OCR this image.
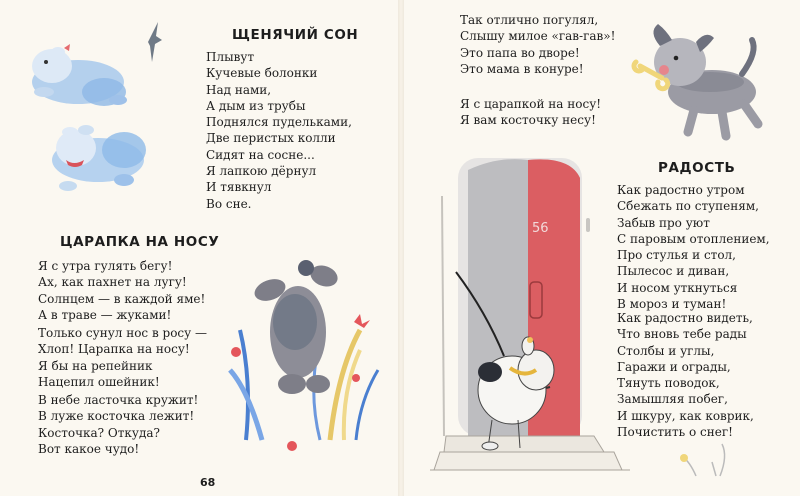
56
ЩЕНЯЧИЙ СОН
Плывут
Кучевые болонки
Над нами,
А дым из трубы
Поднялся пудельками,
Две перистых колли
Сидят на сосне...
Я лапкою дёрнул
И тявкнул
Во сне.
ЦАРАПКА НА НОСУ
Я с утра гулять бегу!
Ах, как пахнет на лугу!
Солнцем — в каждой яме!
А в траве — жуками!
Только сунул нос в росу —
Хлоп! Царапка на носу!
Я бы на репейник
Нацепил ошейник!
В небе ласточка кружит!
В луже косточка лежит!
Косточка? Откуда?
Вот какое чудо!
68
Так отлично погулял,
Слышу милое «гав-гав»!
Это папа во дворе!
Это мама в конуре!
Я с царапкой на носу!
Я вам косточку несу!
РАДОСТЬ
Как радостно утром
Сбежать по ступеням,
Забыв про уют
С паровым отоплением,
Про стулья и стол,
Пылесос и диван,
И носом уткнуться
В мороз и туман!
Как радостно видеть,
Что вновь тебе рады
Столбы и углы,
Гаражи и ограды,
Тянуть поводок,
Замышляя побег,
И шкуру, как коврик,
Почистить о снег!
